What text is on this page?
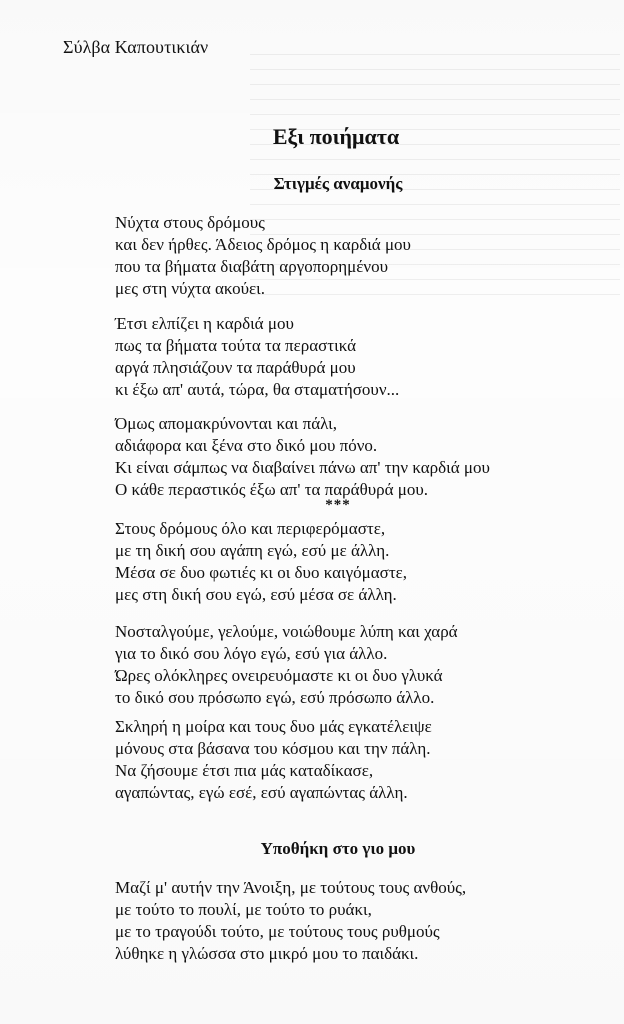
Σύλβα Καπουτικιάν
Εξι ποιήματα
Στιγμές αναμονής
Νύχτα στους δρόμους
και δεν ήρθες. Άδειος δρόμος η καρδιά μου
που τα βήματα διαβάτη αργοπορημένου
μες στη νύχτα ακούει.
Έτσι ελπίζει η καρδιά μου
πως τα βήματα τούτα τα περαστικά
αργά πλησιάζουν τα παράθυρά μου
κι έξω απ' αυτά, τώρα, θα σταματήσουν...
Όμως απομακρύνονται και πάλι,
αδιάφορα και ξένα στο δικό μου πόνο.
Κι είναι σάμπως να διαβαίνει πάνω απ' την καρδιά μου
Ο κάθε περαστικός έξω απ' τα παράθυρά μου.
***
Στους δρόμους όλο και περιφερόμαστε,
με τη δική σου αγάπη εγώ, εσύ με άλλη.
Μέσα σε δυο φωτιές κι οι δυο καιγόμαστε,
μες στη δική σου εγώ, εσύ μέσα σε άλλη.
Νοσταλγούμε, γελούμε, νοιώθουμε λύπη και χαρά
για το δικό σου λόγο εγώ, εσύ για άλλο.
Ώρες ολόκληρες ονειρευόμαστε κι οι δυο γλυκά
το δικό σου πρόσωπο εγώ, εσύ πρόσωπο άλλο.
Σκληρή η μοίρα και τους δυο μάς εγκατέλειψε
μόνους στα βάσανα του κόσμου και την πάλη.
Να ζήσουμε έτσι πια μάς καταδίκασε,
αγαπώντας, εγώ εσέ, εσύ αγαπώντας άλλη.
Υποθήκη στο γιο μου
Μαζί μ' αυτήν την Άνοιξη, με τούτους τους ανθούς,
με τούτο το πουλί, με τούτο το ρυάκι,
με το τραγούδι τούτο, με τούτους τους ρυθμούς
λύθηκε η γλώσσα στο μικρό μου το παιδάκι.
